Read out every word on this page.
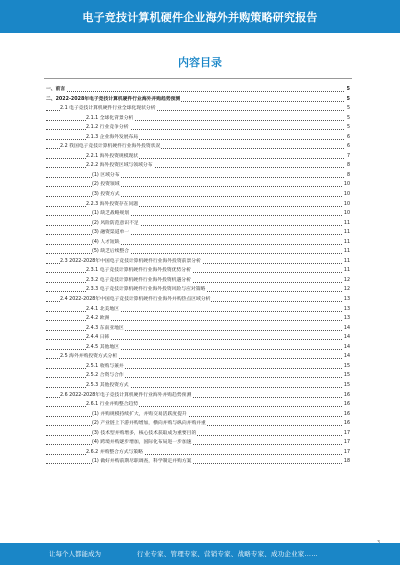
电子竞技计算机硬件企业海外并购策略研究报告
内容目录
一、前言	5
二、2022-2028年电子竞技计算机硬件行业海外并购趋势预测	5
2.1 电子竞技计算机硬件行业全球化现状分析	5
2.1.1 全球化背景分析	5
2.1.2 行业竞争分析	5
2.1.3 企业海外发展布局	6
2.2 我国电子竞技计算机硬件行业海外投资状况	6
2.2.1 海外投资规模现状	7
2.2.2 海外投资区域与领域分布	8
(1) 区域分布	8
(2) 投资领域	10
(3) 投资方式	10
2.2.3 海外投资存在问题	10
(1) 缺乏战略规划	10
(2) 风险防范意识不足	11
(3) 融资渠道单一	11
(4) 人才短缺	11
(5) 缺乏后续整合	11
2.3 2022-2028年中国电子竞技计算机硬件行业海外投资前景分析	11
2.3.1 电子竞技计算机硬件行业海外投资优势分析	11
2.3.2 电子竞技计算机硬件行业海外投资机遇分析	12
2.3.3 电子竞技计算机硬件行业海外投资风险与应对策略	12
2.4 2022-2028年中国电子竞技计算机硬件行业海外并购热点区域分析	13
2.4.1 北美地区	13
2.4.2 欧洲	13
2.4.3 东南亚地区	14
2.4.4 日韩	14
2.4.5 其他地区	14
2.5 海外并购投资方式分析	14
2.5.1 收购与兼并	15
2.5.2 合资与合作	15
2.5.3 其他投资方式	15
2.6 2022-2028年电子竞技计算机硬件行业海外并购趋势预测	16
2.6.1 行业并购整合趋势	16
(1) 并购规模持续扩大，并购交易活跃度提升	16
(2) 产业链上下游并购增加，横向并购与纵向并购并重	16
(3) 技术型并购增多，核心技术获取成为重要目的	17
(4) 跨境并购逐步增加，国际化布局进一步加速	17
2.6.2 并购整合方式与策略	17
(1) 做好并购前期尽职调查，科学制定并购方案	18
让每个人都能成为	行业专家、管理专家、营销专家、战略专家、成功企业家……
